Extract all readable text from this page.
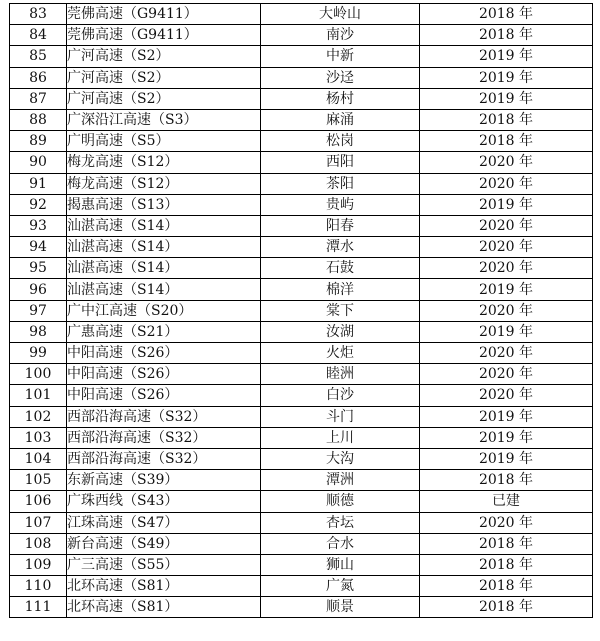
83	莞佛高速（G9411）	大岭山	2018 年
84	莞佛高速（G9411）	南沙	2018 年
85	广河高速（S2）	中新	2019 年
86	广河高速（S2）	沙迳	2019 年
87	广河高速（S2）	杨村	2019 年
88	广深沿江高速（S3）	麻涌	2018 年
89	广明高速（S5）	松岗	2018 年
90	梅龙高速（S12）	西阳	2020 年
91	梅龙高速（S12）	茶阳	2020 年
92	揭惠高速（S13）	贵屿	2019 年
93	汕湛高速（S14）	阳春	2020 年
94	汕湛高速（S14）	潭水	2020 年
95	汕湛高速（S14）	石鼓	2020 年
96	汕湛高速（S14）	棉洋	2019 年
97	广中江高速（S20）	棠下	2020 年
98	广惠高速（S21）	汝湖	2019 年
99	中阳高速（S26）	火炬	2020 年
100	中阳高速（S26）	睦洲	2020 年
101	中阳高速（S26）	白沙	2020 年
102	西部沿海高速（S32）	斗门	2019 年
103	西部沿海高速（S32）	上川	2019 年
104	西部沿海高速（S32）	大沟	2019 年
105	东新高速（S39）	潭洲	2018 年
106	广珠西线（S43）	顺德	已建
107	江珠高速（S47）	杏坛	2020 年
108	新台高速（S49）	合水	2018 年
109	广三高速（S55）	狮山	2018 年
110	北环高速（S81）	广氮	2018 年
111	北环高速（S81）	顺景	2018 年
